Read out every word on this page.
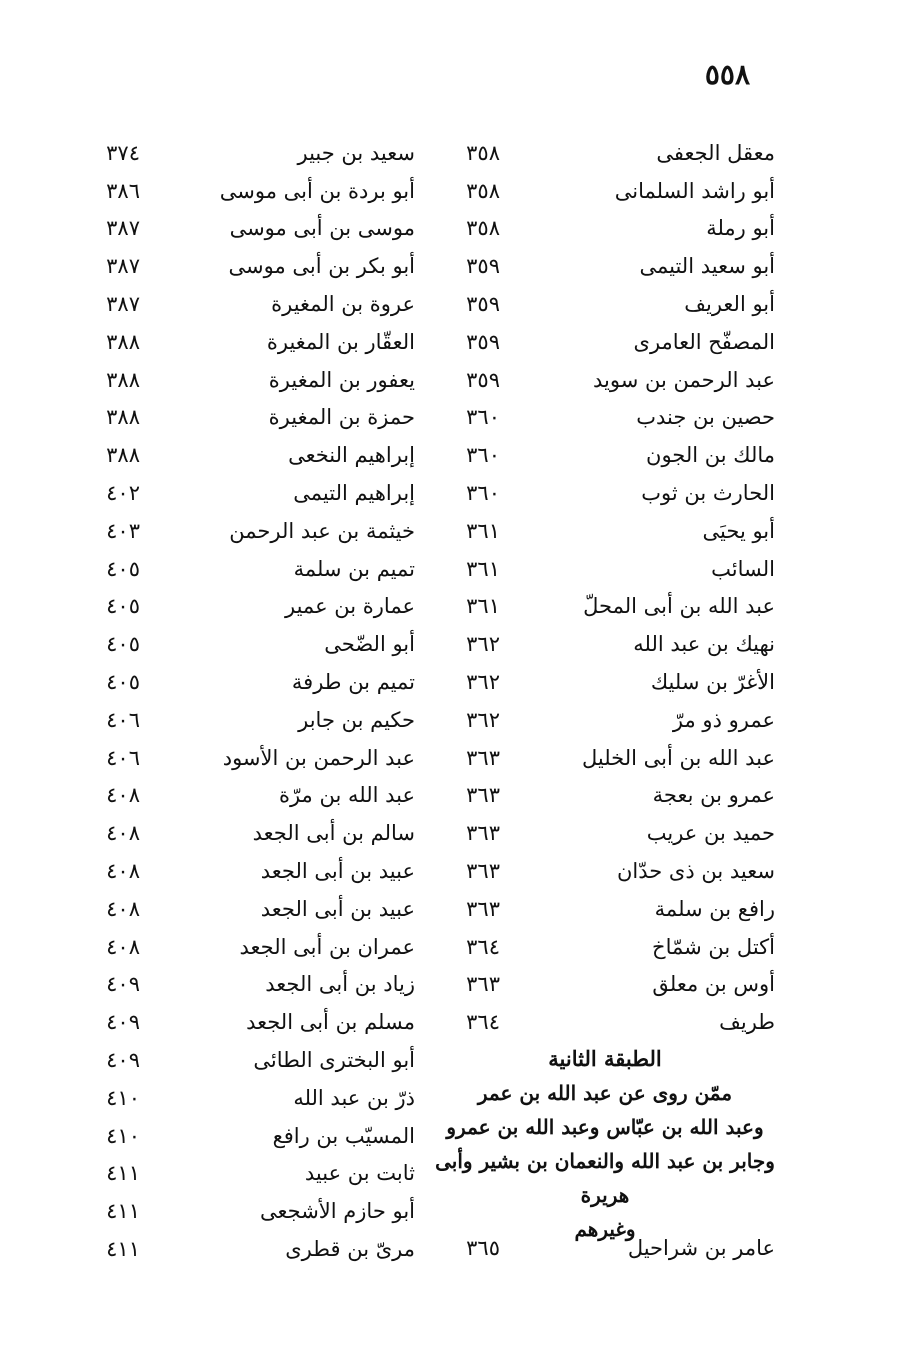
٥٥٨
معقل الجعفى
أبو راشد السلمانى
أبو رملة
أبو سعيد التيمى
أبو العريف
المصفّح العامرى
عبد الرحمن بن سويد
حصين بن جندب
مالك بن الجون
الحارث بن ثوب
أبو يحيَى
السائب
عبد الله بن أبى المحلّ
نهيك بن عبد الله
الأغرّ بن سليك
عمرو ذو مرّ
عبد الله بن أبى الخليل
عمرو بن بعجة
حميد بن عريب
سعيد بن ذى حدّان
رافع بن سلمة
أكتل بن شمّاخ
أوس بن معلق
طريف
٣٥٨
٣٥٨
٣٥٨
٣٥٩
٣٥٩
٣٥٩
٣٥٩
٣٦٠
٣٦٠
٣٦٠
٣٦١
٣٦١
٣٦١
٣٦٢
٣٦٢
٣٦٢
٣٦٣
٣٦٣
٣٦٣
٣٦٣
٣٦٣
٣٦٤
٣٦٣
٣٦٤
الطبقة الثانية
ممّن روى عن عبد الله بن عمر
وعبد الله بن عبّاس وعبد الله بن عمرو
وجابر بن عبد الله والنعمان بن بشير وأبى هريرة
وغيرهم
عامر بن شراحيل
٣٦٥
سعيد بن جبير
أبو بردة بن أبى موسى
موسى بن أبى موسى
أبو بكر بن أبى موسى
عروة بن المغيرة
العقّار بن المغيرة
يعفور بن المغيرة
حمزة بن المغيرة
إبراهيم النخعى
إبراهيم التيمى
خيثمة بن عبد الرحمن
تميم بن سلمة
عمارة بن عمير
أبو الضّحى
تميم بن طرفة
حكيم بن جابر
عبد الرحمن بن الأسود
عبد الله بن مرّة
سالم بن أبى الجعد
عبيد بن أبى الجعد
عبيد بن أبى الجعد
عمران بن أبى الجعد
زياد بن أبى الجعد
مسلم بن أبى الجعد
أبو البخترى الطائى
ذرّ بن عبد الله
المسيّب بن رافع
ثابت بن عبيد
أبو حازم الأشجعى
مرىّ بن قطرى
٣٧٤
٣٨٦
٣٨٧
٣٨٧
٣٨٧
٣٨٨
٣٨٨
٣٨٨
٣٨٨
٤٠٢
٤٠٣
٤٠٥
٤٠٥
٤٠٥
٤٠٥
٤٠٦
٤٠٦
٤٠٨
٤٠٨
٤٠٨
٤٠٨
٤٠٨
٤٠٩
٤٠٩
٤٠٩
٤١٠
٤١٠
٤١١
٤١١
٤١١
